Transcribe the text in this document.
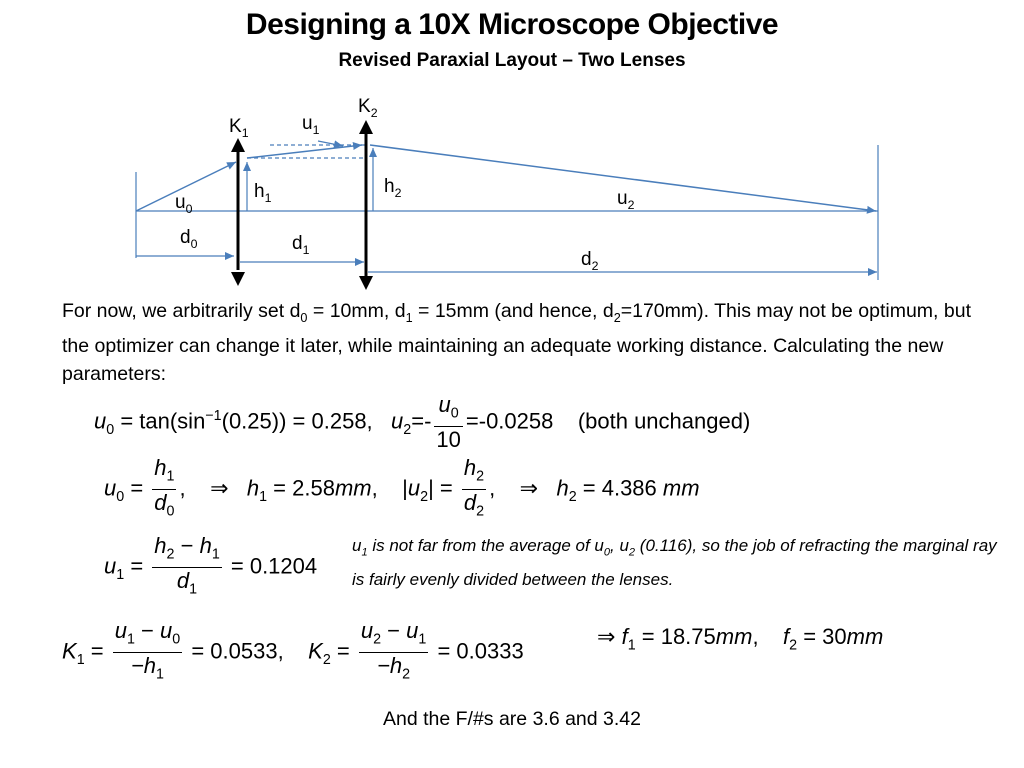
Designing a 10X Microscope Objective
Revised Paraxial Layout – Two Lenses
$K_1$
$K_2$
$u_1$
$u_0$	$u_2$
$h_1$
$h_2$
$d_0$	$d_1$	$d_2$
For now, we arbitrarily set $d_0 = 10mm$, $d_1 = 15mm$ (and hence, $d_2=170mm$). This may not be optimum, but the optimizer can change it later, while maintaining an adequate working distance. Calculating the new parameters:
$u_0 = \tan(\sin^{-1}(0.25)) = 0.258$, $u_2=- \frac{u_0}{10} =-0.0258$ (both unchanged)
$u_0 = \frac{h_1}{d_0}$ , ⇒ $h_1 = 2.58mm$,    $|u_2| = \frac{h_2}{d_2}$ , ⇒ $h_2 = 4.386$ mm
$u_1 = \frac{h_2 - h_1}{d_1} = 0.1204$
$u_1$ is not far from the average of $u_0$, $u_2$ (0.116), so the job of refracting the marginal ray is fairly evenly divided between the lenses.
$K_1 = \frac{u_1 - u_0}{-h_1} = 0.0533$, $K_2 = \frac{u_2 - u_1}{-h_2} = 0.0333$
⇒ $f_1 = 18.75mm$, $f_2 = 30mm$
And the F/#s are 3.6 and 3.42
